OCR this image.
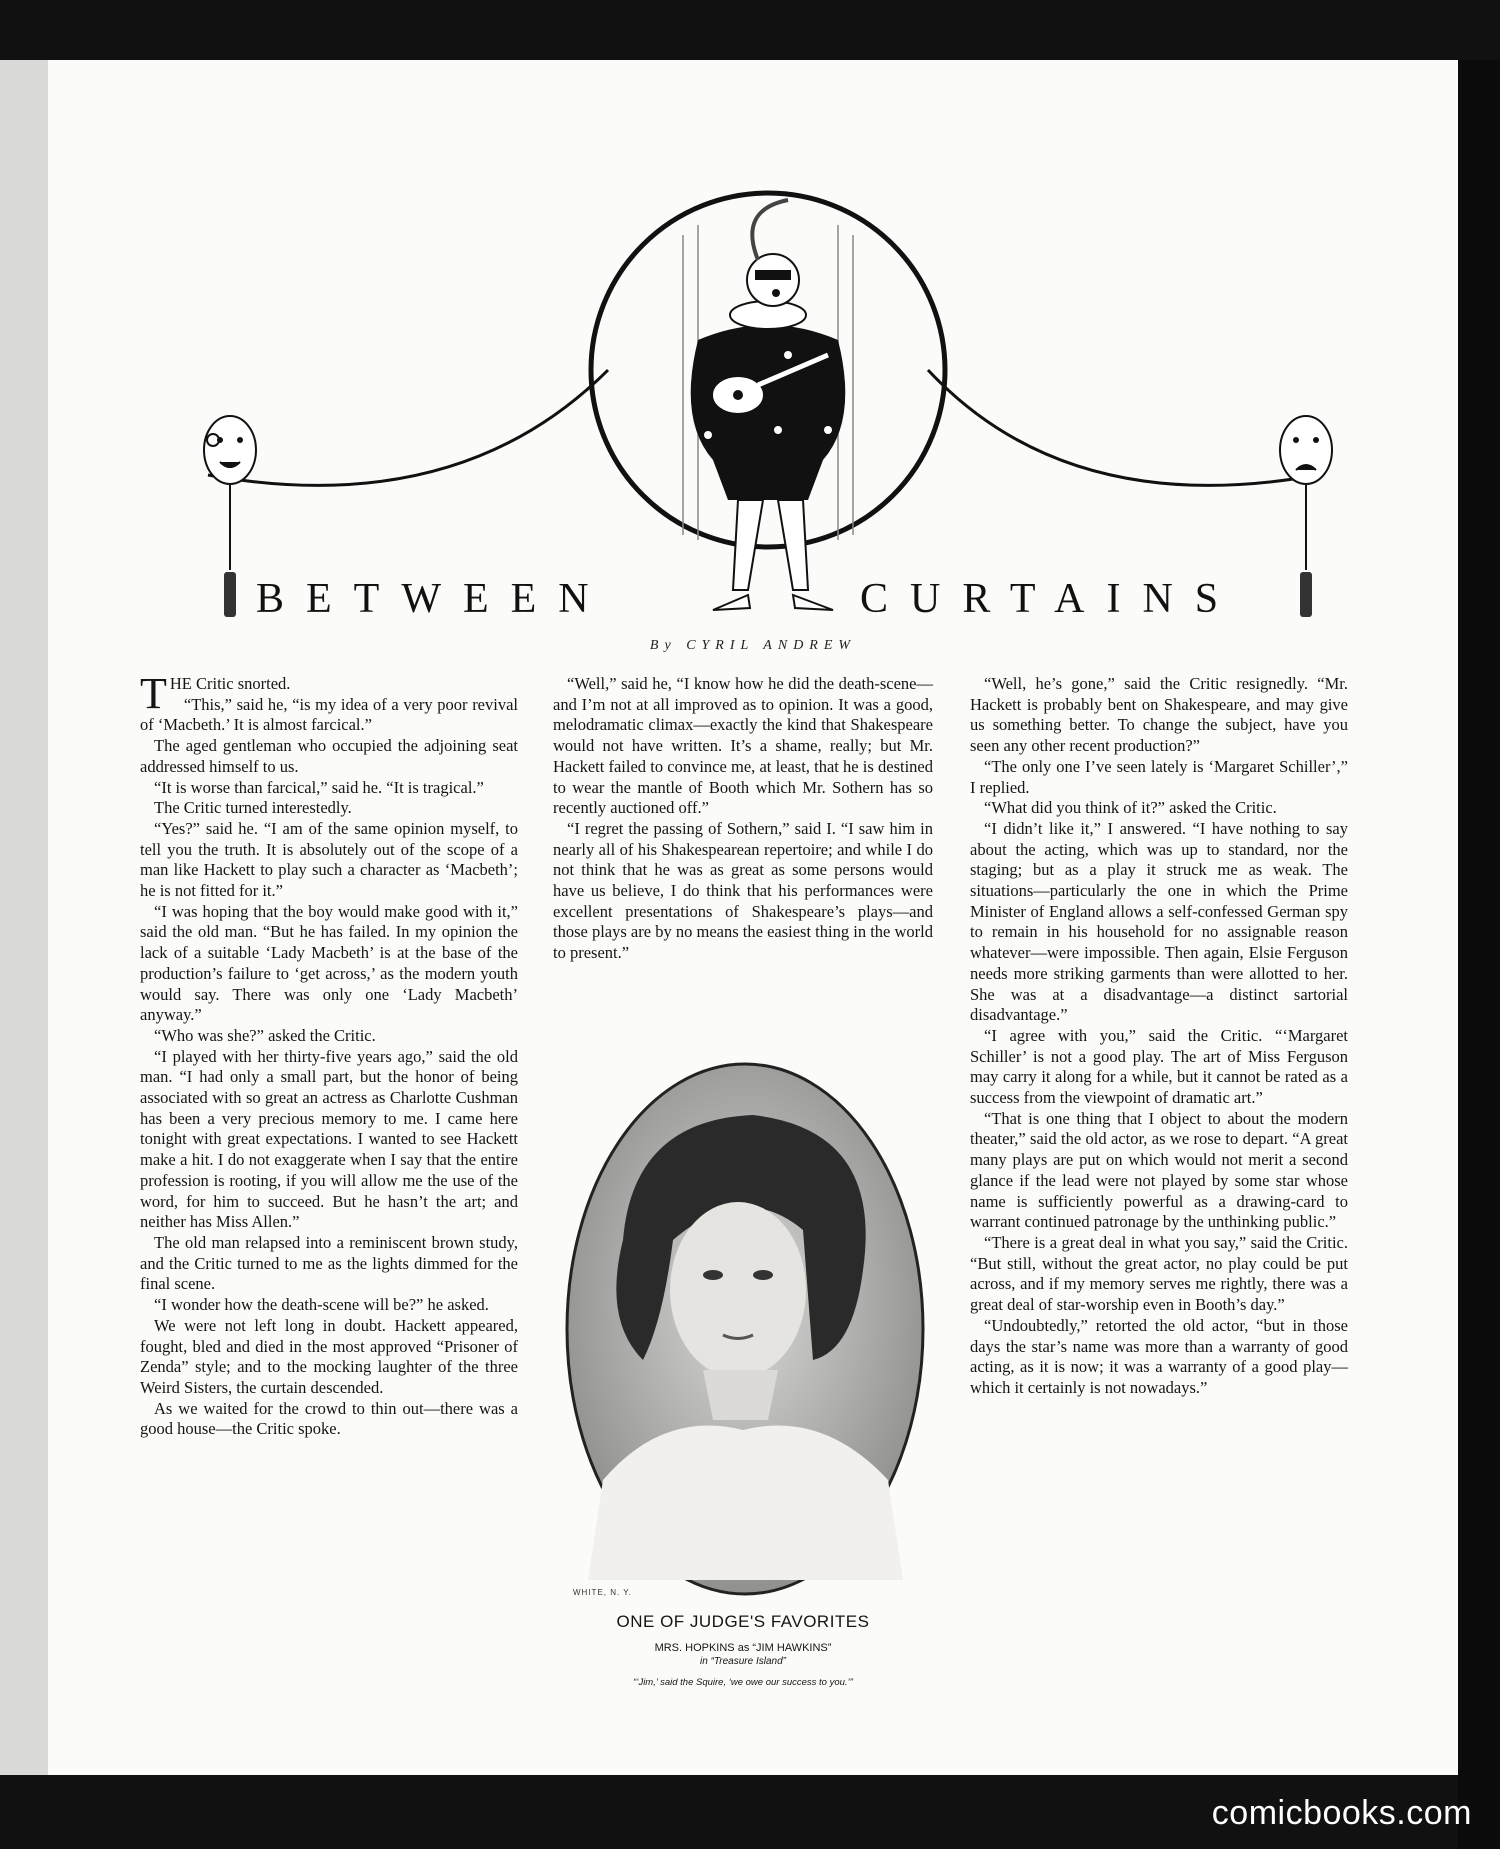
BETWEEN	CURTAINS
By CYRIL ANDREW

THE Critic snorted.

“This,” said he, “is my idea of a very poor revival of ‘Macbeth.’ It is almost farcical.”

The aged gentleman who occupied the adjoining seat addressed himself to us.

“It is worse than farcical,” said he. “It is tragical.”

The Critic turned interestedly.

“Yes?” said he. “I am of the same opinion myself, to tell you the truth. It is absolutely out of the scope of a man like Hackett to play such a character as ‘Macbeth’; he is not fitted for it.”

“I was hoping that the boy would make good with it,” said the old man. “But he has failed. In my opinion the lack of a suitable ‘Lady Macbeth’ is at the base of the production’s failure to ‘get across,’ as the modern youth would say. There was only one ‘Lady Macbeth’ anyway.”

“Who was she?” asked the Critic.

“I played with her thirty-five years ago,” said the old man. “I had only a small part, but the honor of being associated with so great an actress as Charlotte Cushman has been a very precious memory to me. I came here tonight with great expectations. I wanted to see Hackett make a hit. I do not exaggerate when I say that the entire profession is rooting, if you will allow me the use of the word, for him to succeed. But he hasn’t the art; and neither has Miss Allen.”

The old man relapsed into a reminiscent brown study, and the Critic turned to me as the lights dimmed for the final scene.

“I wonder how the death-scene will be?” he asked.

We were not left long in doubt. Hackett appeared, fought, bled and died in the most approved “Prisoner of Zenda” style; and to the mocking laughter of the three Weird Sisters, the curtain descended.

As we waited for the crowd to thin out—there was a good house—the Critic spoke.

“Well,” said he, “I know how he did the death-scene—and I’m not at all improved as to opinion. It was a good, melodramatic climax—exactly the kind that Shakespeare would not have written. It’s a shame, really; but Mr. Hackett failed to convince me, at least, that he is destined to wear the mantle of Booth which Mr. Sothern has so recently auctioned off.”

“I regret the passing of Sothern,” said I. “I saw him in nearly all of his Shakespearean repertoire; and while I do not think that he was as great as some persons would have us believe, I do think that his performances were excellent presentations of Shakespeare’s plays—and those plays are by no means the easiest thing in the world to present.”

WHITE, N. Y.
ONE OF JUDGE'S FAVORITES
MRS. HOPKINS as “JIM HAWKINS”
in “Treasure Island”
“‘Jim,’ said the Squire, ‘we owe our success to you.’”

“Well, he’s gone,” said the Critic resignedly. “Mr. Hackett is probably bent on Shakespeare, and may give us something better. To change the subject, have you seen any other recent production?”

“The only one I’ve seen lately is ‘Margaret Schiller’,” I replied.

“What did you think of it?” asked the Critic.

“I didn’t like it,” I answered. “I have nothing to say about the acting, which was up to standard, nor the staging; but as a play it struck me as weak. The situations—particularly the one in which the Prime Minister of England allows a self-confessed German spy to remain in his household for no assignable reason whatever—were impossible. Then again, Elsie Ferguson needs more striking garments than were allotted to her. She was at a disadvantage—a distinct sartorial disadvantage.”

“I agree with you,” said the Critic. “‘Margaret Schiller’ is not a good play. The art of Miss Ferguson may carry it along for a while, but it cannot be rated as a success from the viewpoint of dramatic art.”

“That is one thing that I object to about the modern theater,” said the old actor, as we rose to depart. “A great many plays are put on which would not merit a second glance if the lead were not played by some star whose name is sufficiently powerful as a drawing-card to warrant continued patronage by the unthinking public.”

“There is a great deal in what you say,” said the Critic. “But still, without the great actor, no play could be put across, and if my memory serves me rightly, there was a great deal of star-worship even in Booth’s day.”

“Undoubtedly,” retorted the old actor, “but in those days the star’s name was more than a warranty of good acting, as it is now; it was a warranty of a good play—which it certainly is not nowadays.”

comicbooks.com
